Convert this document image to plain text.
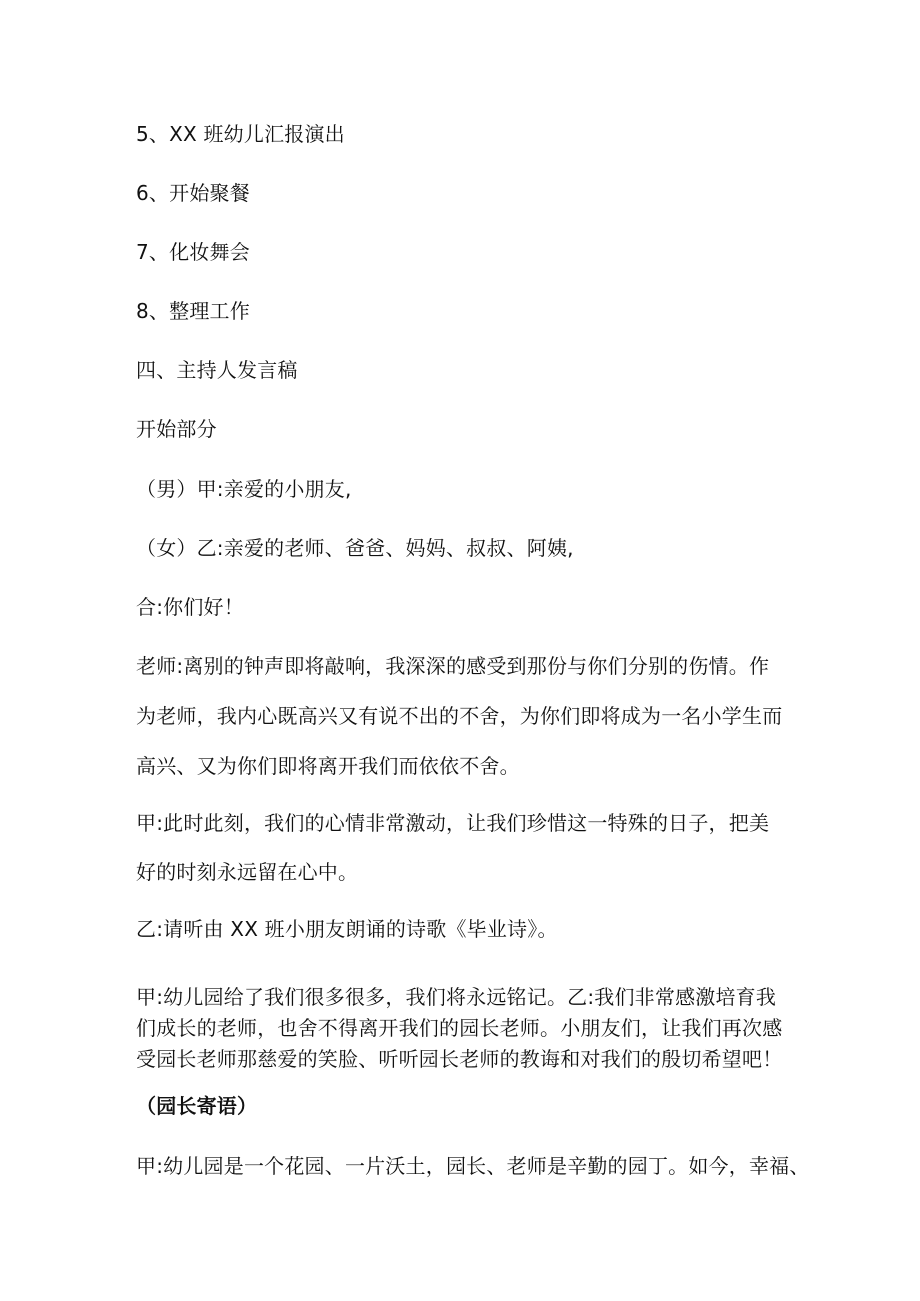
5、XX 班幼儿汇报演出
6、开始聚餐
7、化妆舞会
8、整理工作
四、主持人发言稿
开始部分
（男）甲:亲爱的小朋友,
（女）乙:亲爱的老师、爸爸、妈妈、叔叔、阿姨,
合:你们好！
老师:离别的钟声即将敲响，我深深的感受到那份与你们分别的伤情。作
为老师，我内心既高兴又有说不出的不舍，为你们即将成为一名小学生而
高兴、又为你们即将离开我们而依依不舍。
甲:此时此刻，我们的心情非常激动，让我们珍惜这一特殊的日子，把美
好的时刻永远留在心中。
乙:请听由 XX 班小朋友朗诵的诗歌《毕业诗》。
甲:幼儿园给了我们很多很多，我们将永远铭记。乙:我们非常感激培育我
们成长的老师，也舍不得离开我们的园长老师。小朋友们，让我们再次感
受园长老师那慈爱的笑脸、听听园长老师的教诲和对我们的殷切希望吧！
（园长寄语）
甲:幼儿园是一个花园、一片沃土，园长、老师是辛勤的园丁。如今，幸福、
